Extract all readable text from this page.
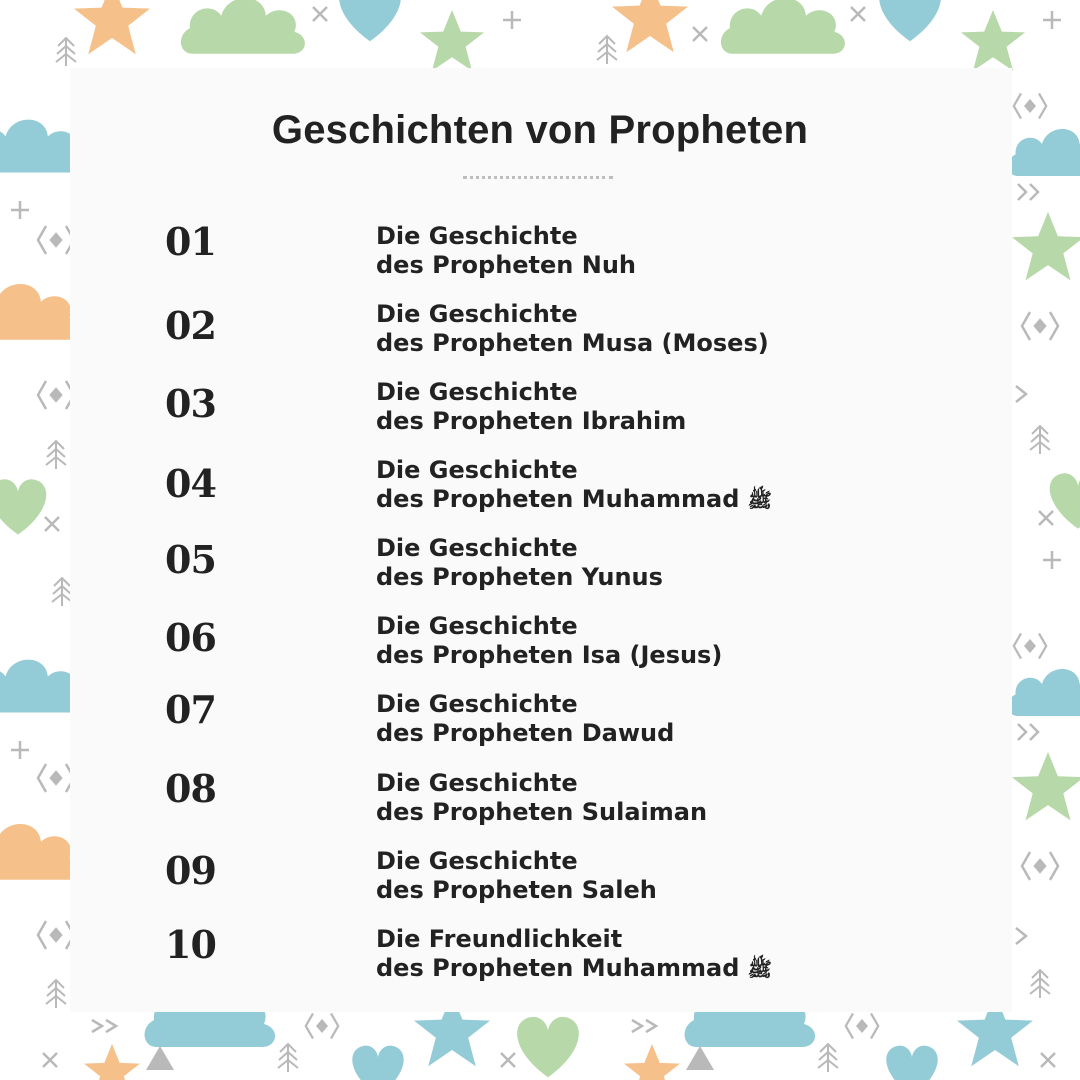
Geschichten von Propheten
01	Die Geschichte
des Propheten Nuh
02	Die Geschichte
des Propheten Musa (Moses)
03	Die Geschichte
des Propheten Ibrahim
04	Die Geschichte
des Propheten Muhammad ﷺ
05	Die Geschichte
des Propheten Yunus
06	Die Geschichte
des Propheten Isa (Jesus)
07	Die Geschichte
des Propheten Dawud
08	Die Geschichte
des Propheten Sulaiman
09	Die Geschichte
des Propheten Saleh
10	Die Freundlichkeit
des Propheten Muhammad ﷺ
